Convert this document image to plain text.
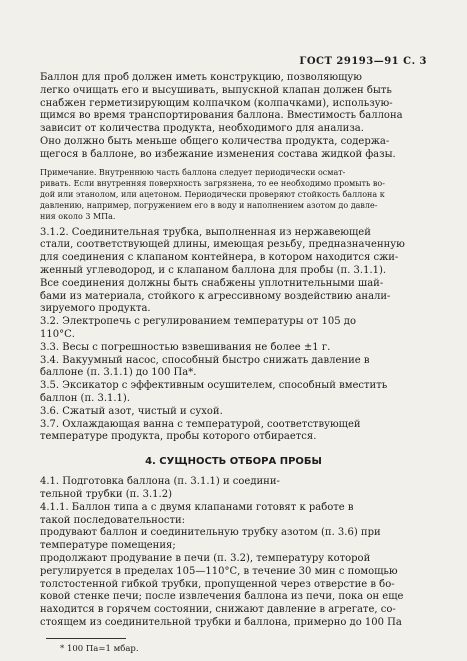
ГОСТ 29193—91 С. 3
Баллон для проб должен иметь конструкцию, позволяющую
легко очищать его и высушивать, выпускной клапан должен быть
снабжен герметизирующим колпачком (колпачками), использую-
щимся во время транспортирования баллона. Вместимость баллона
зависит от количества продукта, необходимого для анализа.
Оно должно быть меньше общего количества продукта, содержа-
щегося в баллоне, во избежание изменения состава жидкой фазы.
Примечание. Внутреннюю часть баллона следует периодически осмат-
ривать. Если внутренняя поверхность загрязнена, то ее необходимо промыть во-
дой или этанолом, или ацетоном. Периодически проверяют стойкость баллона к
давлению, например, погружением его в воду и наполнением азотом до давле-
ния около 3 МПа.
3.1.2. Соединительная трубка, выполненная из нержавеющей
стали, соответствующей длины, имеющая резьбу, предназначенную
для соединения с клапаном контейнера, в котором находится сжи-
женный углеводород, и с клапаном баллона для пробы (п. 3.1.1).
Все соединения должны быть снабжены уплотнительными шай-
бами из материала, стойкого к агрессивному воздействию анали-
зируемого продукта.
3.2. Электропечь с регулированием температуры от 105 до
110°С.
3.3. Весы с погрешностью взвешивания не более ±1 г.
3.4. Вакуумный насос, способный быстро снижать давление в
баллоне (п. 3.1.1) до 100 Па*.
3.5. Эксикатор с эффективным осушителем, способный вместить
баллон (п. 3.1.1).
3.6. Сжатый азот, чистый и сухой.
3.7. Охлаждающая ванна с температурой, соответствующей
температуре продукта, пробы которого отбирается.
4. СУЩНОСТЬ ОТБОРА ПРОБЫ
4.1. Подготовка баллона (п. 3.1.1) и соедини-
тельной трубки (п. 3.1.2)
4.1.1. Баллон типа а с двумя клапанами готовят к работе в
такой последовательности:
продувают баллон и соединительную трубку азотом (п. 3.6) при
температуре помещения;
продолжают продувание в печи (п. 3.2), температуру которой
регулируется в пределах 105—110°С, в течение 30 мин с помощью
толстостенной гибкой трубки, пропущенной через отверстие в бо-
ковой стенке печи; после извлечения баллона из печи, пока он еще
находится в горячем состоянии, снижают давление в агрегате, со-
стоящем из соединительной трубки и баллона, примерно до 100 Па
* 100 Па=1 мбар.
